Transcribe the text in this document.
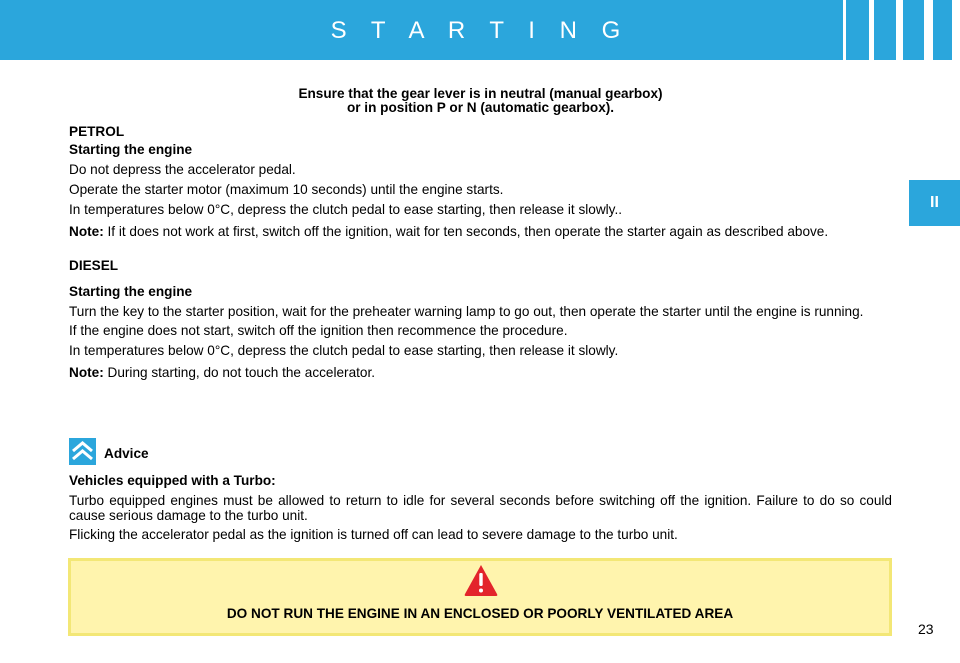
S T A R T I N G
II
Ensure that the gear lever is in neutral (manual gearbox)
or in position P or N (automatic gearbox).
PETROL
Starting the engine
Do not depress the accelerator pedal.
Operate the starter motor (maximum 10 seconds) until the engine starts.
In temperatures below 0°C, depress the clutch pedal to ease starting, then release it slowly..
Note: If it does not work at first, switch off the ignition, wait for ten seconds, then operate the starter again as described above.
DIESEL
Starting the engine
Turn the key to the starter position, wait for the preheater warning lamp to go out, then operate the starter until the engine is running.
If the engine does not start, switch off the ignition then recommence the procedure.
In temperatures below 0°C, depress the clutch pedal to ease starting, then release it slowly.
Note: During starting, do not touch the accelerator.
Advice
Vehicles equipped with a Turbo:
Turbo equipped engines must be allowed to return to idle for several seconds before switching off the ignition. Failure to do so could cause serious damage to the turbo unit.
Flicking the accelerator pedal as the ignition is turned off can lead to severe damage to the turbo unit.
DO NOT RUN THE ENGINE IN AN ENCLOSED OR POORLY VENTILATED AREA
23
